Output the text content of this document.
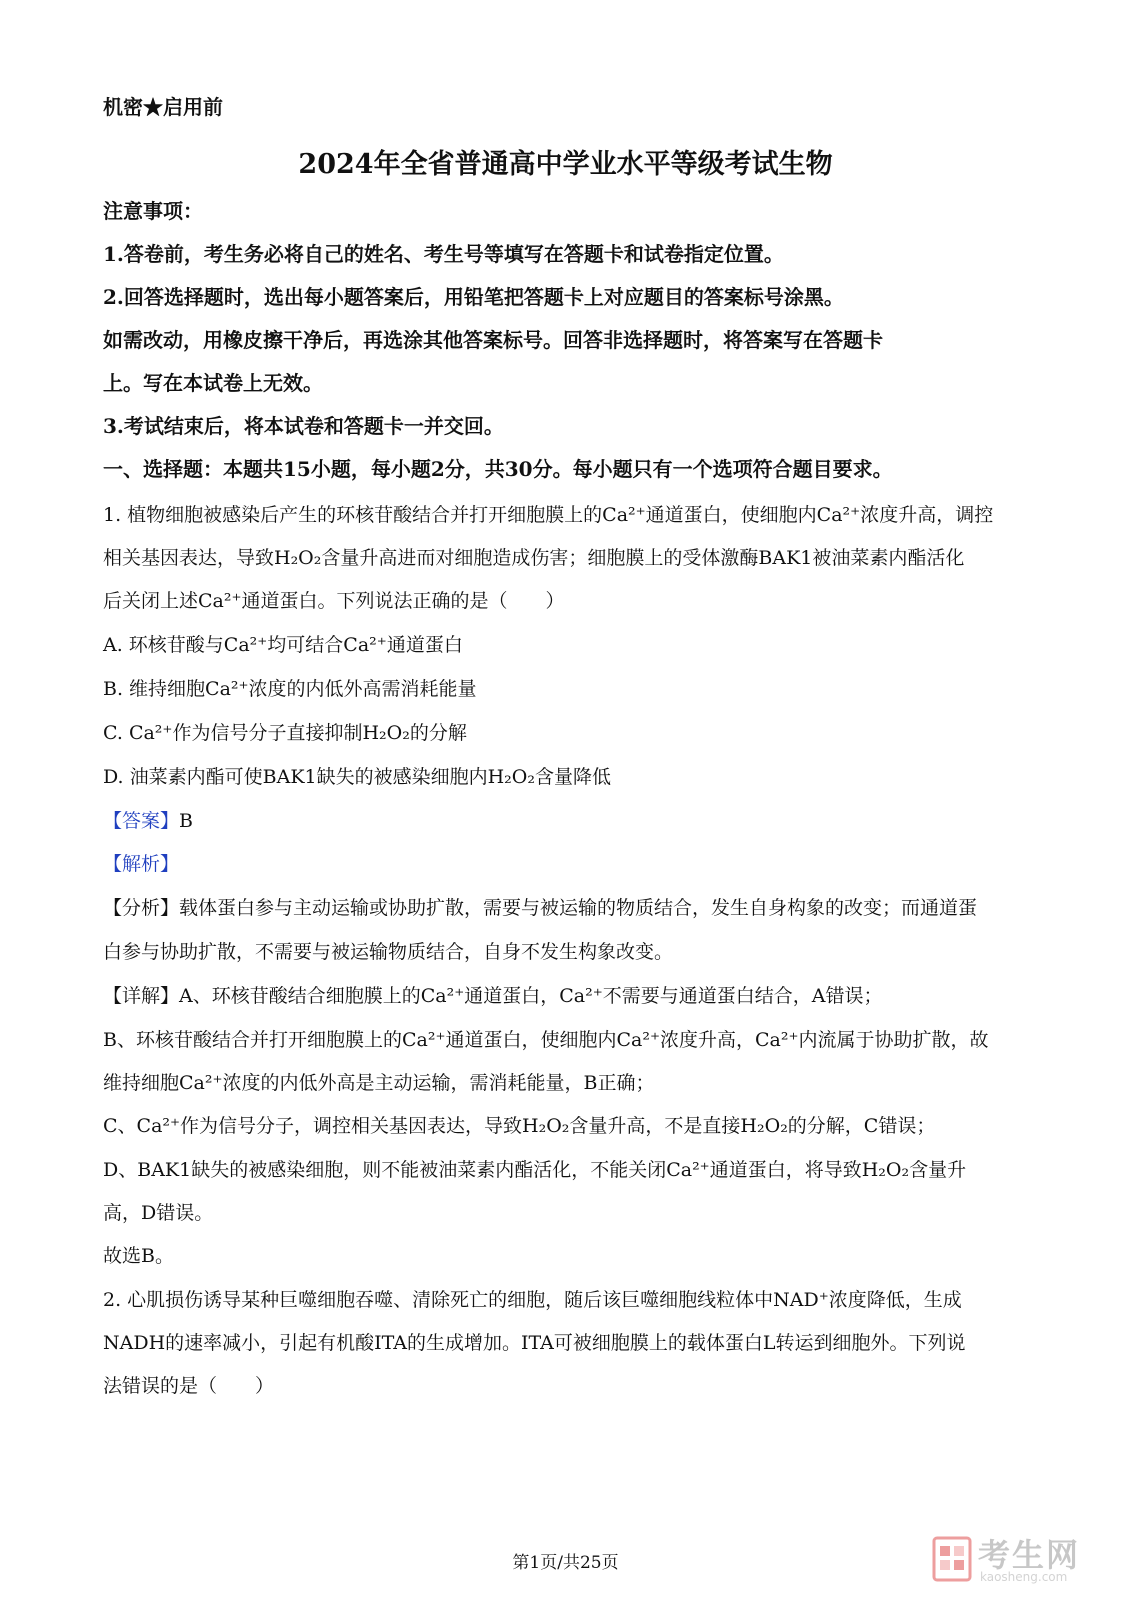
机密★启用前
2024年全省普通高中学业水平等级考试生物
注意事项：
1.答卷前，考生务必将自己的姓名、考生号等填写在答题卡和试卷指定位置。
2.回答选择题时，选出每小题答案后，用铅笔把答题卡上对应题目的答案标号涂黑。
如需改动，用橡皮擦干净后，再选涂其他答案标号。回答非选择题时，将答案写在答题卡
上。写在本试卷上无效。
3.考试结束后，将本试卷和答题卡一并交回。
一、选择题：本题共15小题，每小题2分，共30分。每小题只有一个选项符合题目要求。
1. 植物细胞被感染后产生的环核苷酸结合并打开细胞膜上的Ca²⁺通道蛋白，使细胞内Ca²⁺浓度升高，调控
相关基因表达，导致H₂O₂含量升高进而对细胞造成伤害；细胞膜上的受体激酶BAK1被油菜素内酯活化
后关闭上述Ca²⁺通道蛋白。下列说法正确的是（　　）
A. 环核苷酸与Ca²⁺均可结合Ca²⁺通道蛋白
B. 维持细胞Ca²⁺浓度的内低外高需消耗能量
C. Ca²⁺作为信号分子直接抑制H₂O₂的分解
D. 油菜素内酯可使BAK1缺失的被感染细胞内H₂O₂含量降低
【答案】B
【解析】
【分析】载体蛋白参与主动运输或协助扩散，需要与被运输的物质结合，发生自身构象的改变；而通道蛋
白参与协助扩散，不需要与被运输物质结合，自身不发生构象改变。
【详解】A、环核苷酸结合细胞膜上的Ca²⁺通道蛋白，Ca²⁺不需要与通道蛋白结合，A错误；
B、环核苷酸结合并打开细胞膜上的Ca²⁺通道蛋白，使细胞内Ca²⁺浓度升高，Ca²⁺内流属于协助扩散，故
维持细胞Ca²⁺浓度的内低外高是主动运输，需消耗能量，B正确；
C、Ca²⁺作为信号分子，调控相关基因表达，导致H₂O₂含量升高，不是直接H₂O₂的分解，C错误；
D、BAK1缺失的被感染细胞，则不能被油菜素内酯活化，不能关闭Ca²⁺通道蛋白，将导致H₂O₂含量升
高，D错误。
故选B。
2. 心肌损伤诱导某种巨噬细胞吞噬、清除死亡的细胞，随后该巨噬细胞线粒体中NAD⁺浓度降低，生成
NADH的速率减小，引起有机酸ITA的生成增加。ITA可被细胞膜上的载体蛋白L转运到细胞外。下列说
法错误的是（　　）
第1页/共25页	考生网
kaosheng.com
